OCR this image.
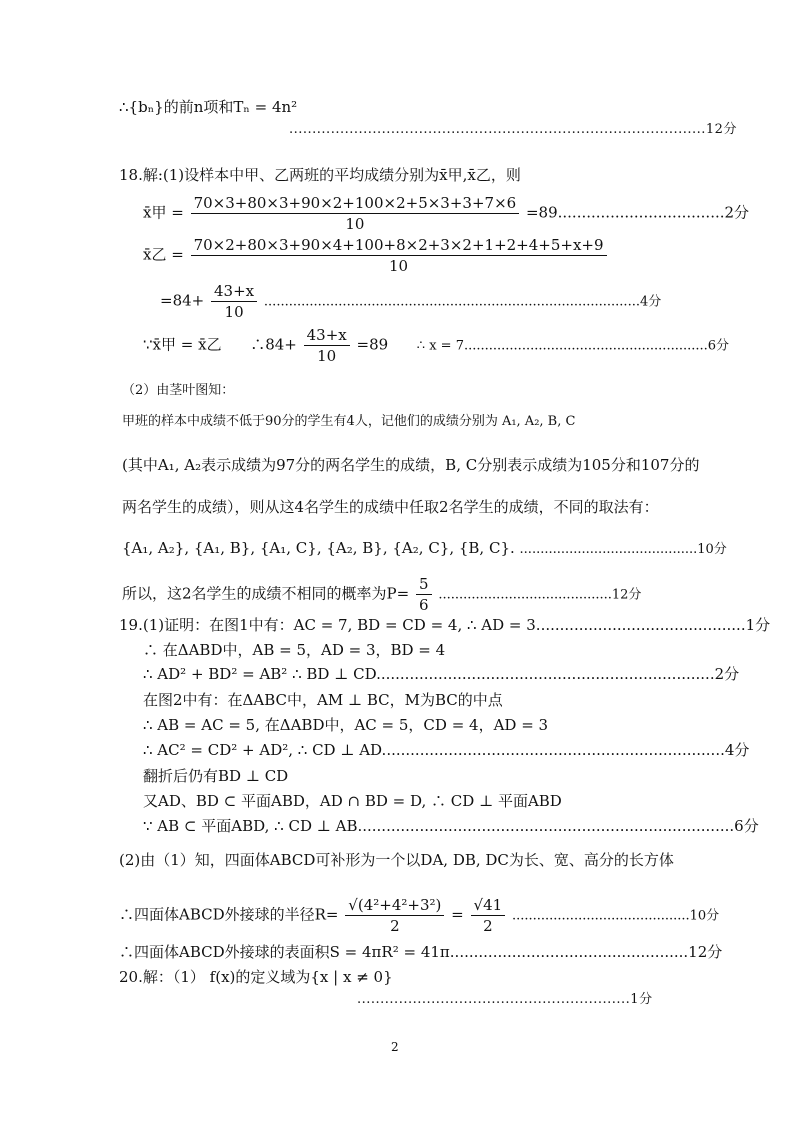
∴{bₙ}的前n项和Tₙ = 4n²
..........................................................................................12分
18.解:(1)设样本中甲、乙两班的平均成绩分别为x̄甲,x̄乙，则
x̄甲 = $\frac{70\times 3+80\times 3+90\times 2+100\times 2+5\times 3+3+7\times 6}{10} =89...................................2$分
x̄乙 = $\frac{70\times 2+80\times 3+90\times 4+100+8\times 2+3\times 2+1+2+4+5+x+9}{10}$
$=84+ \frac{43+x}{10} ...........................................................................................4$分
∵x̄甲 = x̄乙 ∴84+ $\frac{43+x}{10} =89$ ∴ x = 7...........................................................6分
（2）由茎叶图知：
甲班的样本中成绩不低于90分的学生有4人，记他们的成绩分别为 A₁, A₂, B, C
(其中A₁, A₂表示成绩为97分的两名学生的成绩，B, C分别表示成绩为105分和107分的
两名学生的成绩），则从这4名学生的成绩中任取2名学生的成绩，不同的取法有：
{A₁, A₂}, {A₁, B}, {A₁, C}, {A₂, B}, {A₂, C}, {B, C}. ...........................................10分
所以，这2名学生的成绩不相同的概率为$P= \frac{5}{6} ..........................................12$分
19.(1)证明：在图1中有：AC = 7, BD = CD = 4, ∴ AD = 3............................................1分
∴ 在ΔABD中，AB = 5，AD = 3，BD = 4
∴ AD² + BD² = AB² ∴ BD ⊥ CD.......................................................................2分
在图2中有：在ΔABC中，AM ⊥ BC，M为BC的中点
∴ AB = AC = 5, 在ΔABD中，AC = 5，CD = 4，AD = 3
∴ AC² = CD² + AD², ∴ CD ⊥ AD........................................................................4分
翻折后仍有BD ⊥ CD
又AD、BD ⊂ 平面ABD，AD ∩ BD = D, ∴ CD ⊥ 平面ABD
∵ AB ⊂ 平面ABD, ∴ CD ⊥ AB...............................................................................6分
(2)由（1）知，四面体ABCD可补形为一个以DA, DB, DC为长、宽、高分的长方体
∴四面体ABCD外接球的半径$R= \frac{\text{√(4²+4²+3²)}}{2} = \frac{√41}{2} ...........................................10$分
∴四面体ABCD外接球的表面积S = 4πR² = 41π..................................................12分
20.解：（1） f(x)的定义域为{x | x ≠ 0}
...........................................................1分
2
